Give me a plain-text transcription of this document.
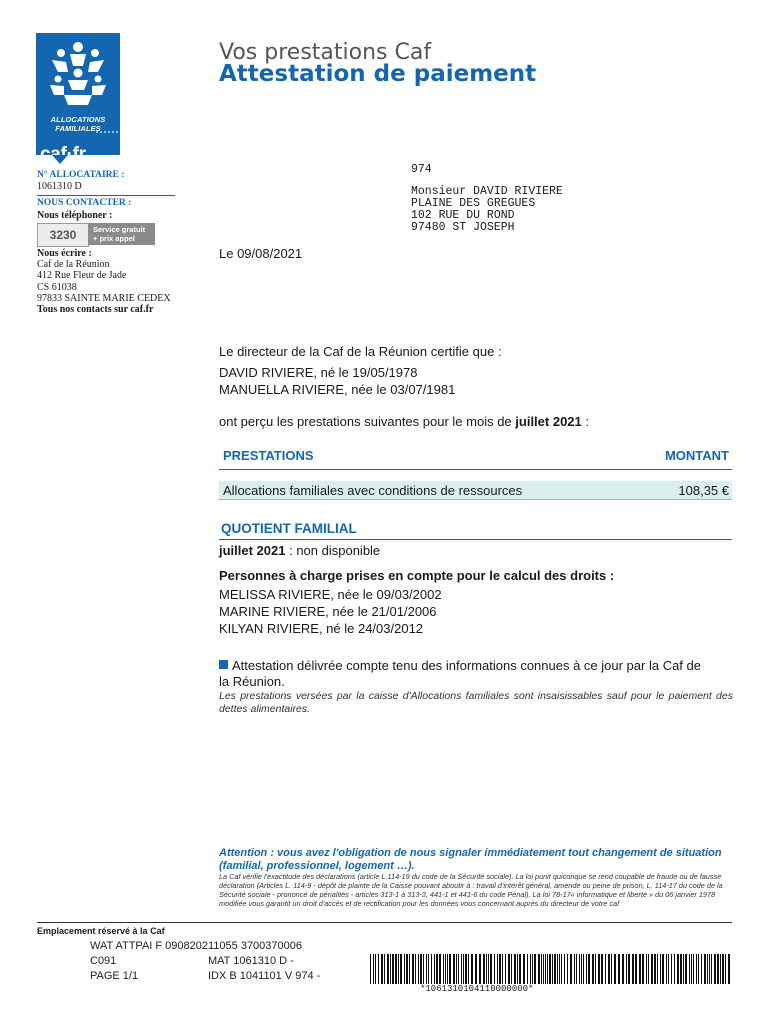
ALLOCATIONS
FAMILIALES
caf·fr
Vos prestations Caf
Attestation de paiement
N° ALLOCATAIRE :
1061310 D
NOUS CONTACTER :
Nous téléphoner :
3230	Service gratuit
+ prix appel
Nous écrire :
Caf de la Réunion
412 Rue Fleur de Jade
CS 61038
97833 SAINTE MARIE CEDEX
Tous nos contacts sur caf.fr
974
Monsieur DAVID RIVIERE
PLAINE DES GREGUES
102 RUE DU ROND
97480 ST JOSEPH
Le 09/08/2021
Le directeur de la Caf de la Réunion certifie que :
DAVID RIVIERE, né le 19/05/1978
MANUELLA RIVIERE, née le 03/07/1981
ont perçu les prestations suivantes pour le mois de juillet 2021 :
PRESTATIONS	MONTANT
Allocations familiales avec conditions de ressources	108,35 €
QUOTIENT FAMILIAL
juillet 2021 : non disponible
Personnes à charge prises en compte pour le calcul des droits :
MELISSA RIVIERE, née le 09/03/2002
MARINE RIVIERE, née le 21/01/2006
KILYAN RIVIERE, né le 24/03/2012
Attestation délivrée compte tenu des informations connues à ce jour par la Caf de
la Réunion.
Les prestations versées par la caisse d'Allocations familiales sont insaisissables sauf pour le paiement des dettes alimentaires.
Attention : vous avez l'obligation de nous signaler immédiatement tout changement de situation (familial, professionnel, logement …).
La Caf vérifie l'exactitude des déclarations (article L.114-19 du code de la Sécurité sociale). La loi punit quiconque se rend coupable de fraude ou de fausse déclaration (Articles L. 114-9 - dépôt de plainte de la Caisse pouvant aboutir à : travail d'intérêt général, amende ou peine de prison, L. 114-17 du code de la Sécurité sociale - prononcé de pénalités - articles 313-1 à 313-3, 441-1 et 441-6 du code Pénal). La loi 78-17« informatique et liberté » du 06 janvier 1978 modifiée vous garantit un droit d'accès et de rectification pour les données vous concernant auprès du directeur de votre caf
Emplacement réservé à la Caf
WAT ATTPAI F 090820211055 3700370006
C091	MAT 1061310 D -
PAGE 1/1	IDX B 1041101 V 974 -
*1061310104110000000*
